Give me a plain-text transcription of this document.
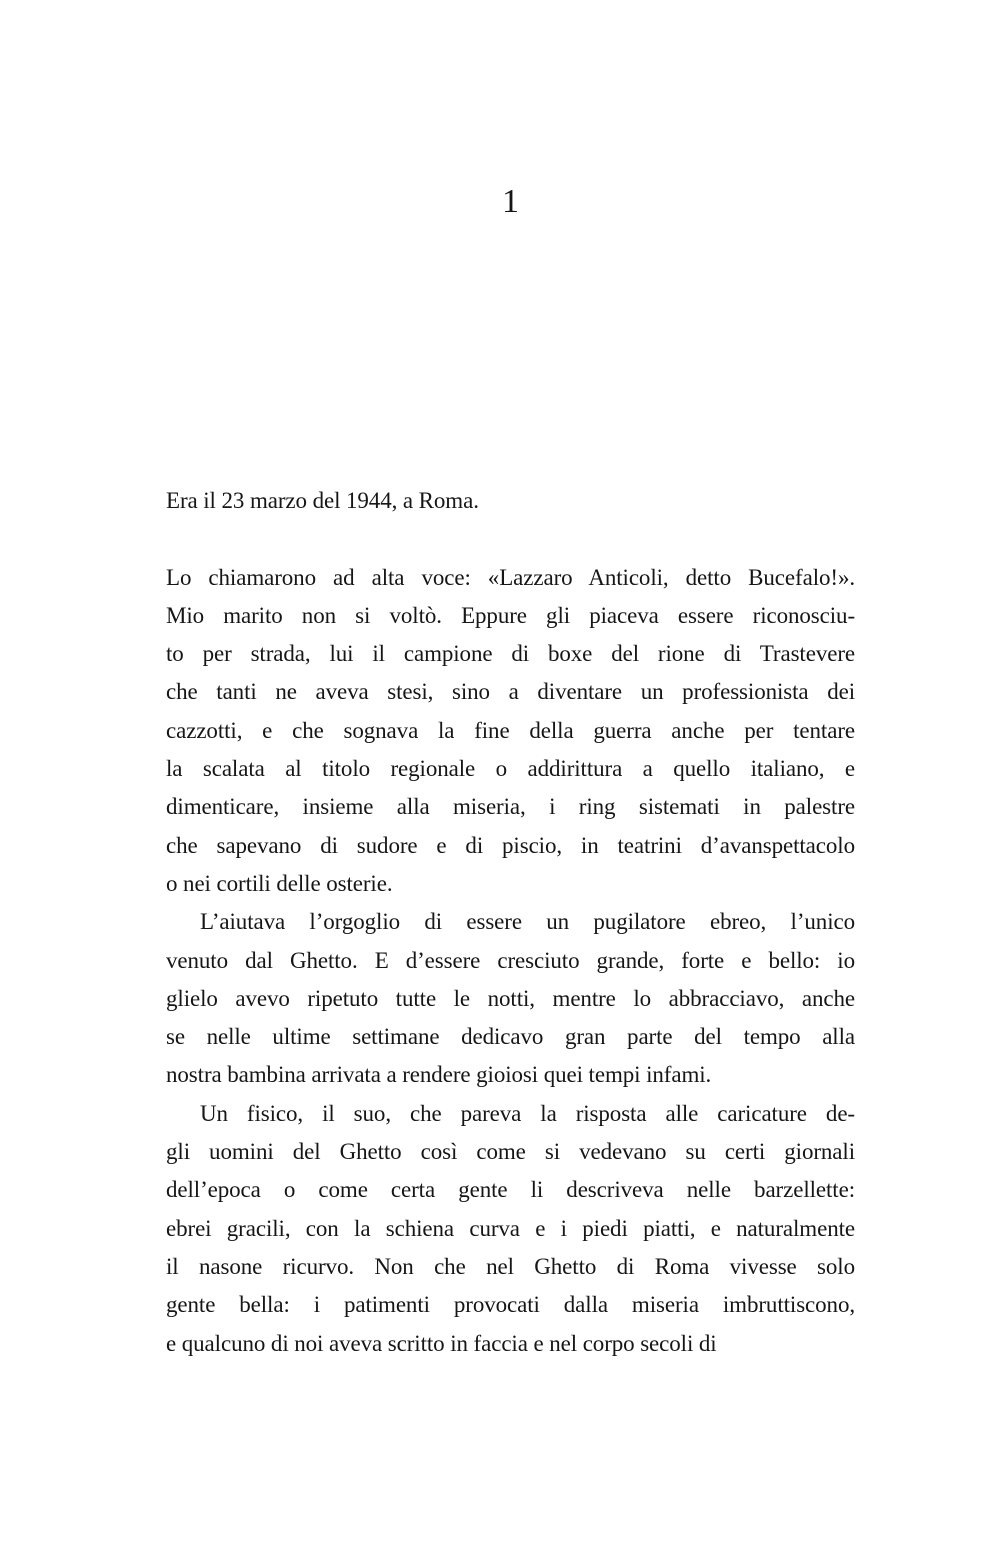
1
Era il 23 marzo del 1944, a Roma.
Lo chiamarono ad alta voce: «Lazzaro Anticoli, detto Bucefalo!».
Mio marito non si voltò. Eppure gli piaceva essere riconosciu-
to per strada, lui il campione di boxe del rione di Trastevere
che tanti ne aveva stesi, sino a diventare un professionista dei
cazzotti, e che sognava la fine della guerra anche per tentare
la scalata al titolo regionale o addirittura a quello italiano, e
dimenticare, insieme alla miseria, i ring sistemati in palestre
che sapevano di sudore e di piscio, in teatrini d’avanspettacolo
o nei cortili delle osterie.
L’aiutava l’orgoglio di essere un pugilatore ebreo, l’unico
venuto dal Ghetto. E d’essere cresciuto grande, forte e bello: io
glielo avevo ripetuto tutte le notti, mentre lo abbracciavo, anche
se nelle ultime settimane dedicavo gran parte del tempo alla
nostra bambina arrivata a rendere gioiosi quei tempi infami.
Un fisico, il suo, che pareva la risposta alle caricature de-
gli uomini del Ghetto così come si vedevano su certi giornali
dell’epoca o come certa gente li descriveva nelle barzellette:
ebrei gracili, con la schiena curva e i piedi piatti, e naturalmente
il nasone ricurvo. Non che nel Ghetto di Roma vivesse solo
gente bella: i patimenti provocati dalla miseria imbruttiscono,
e qualcuno di noi aveva scritto in faccia e nel corpo secoli di
